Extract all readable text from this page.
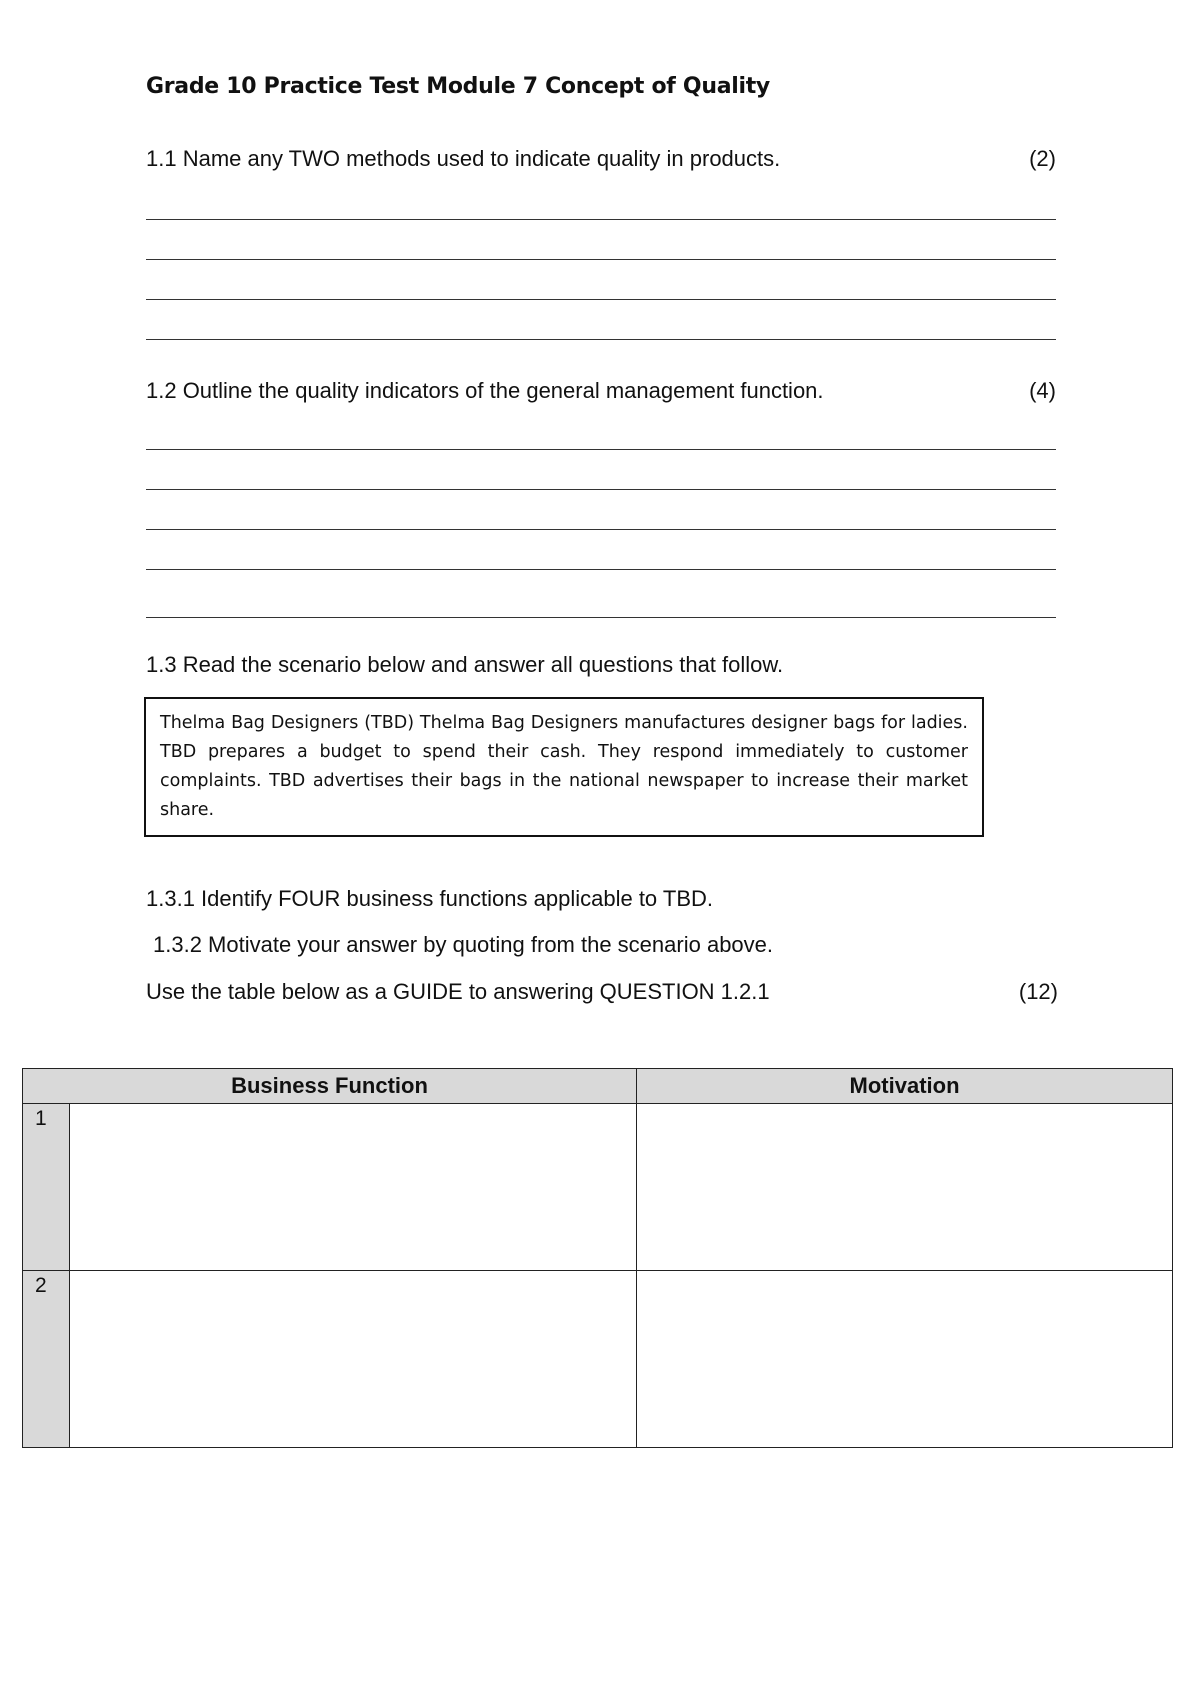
Grade 10 Practice Test Module 7 Concept of Quality
1.1 Name any TWO methods used to indicate quality in products.	(2)
1.2 Outline the quality indicators of the general management function.	(4)
1.3 Read the scenario below and answer all questions that follow.
Thelma Bag Designers (TBD) Thelma Bag Designers manufactures designer bags for ladies. TBD prepares a budget to spend their cash. They respond immediately to customer complaints. TBD advertises their bags in the national newspaper to increase their market share.
1.3.1 Identify FOUR business functions applicable to TBD.
1.3.2 Motivate your answer by quoting from the scenario above.
Use the table below as a GUIDE to answering QUESTION 1.2.1	(12)
Business Function		Motivation
1		
2		
